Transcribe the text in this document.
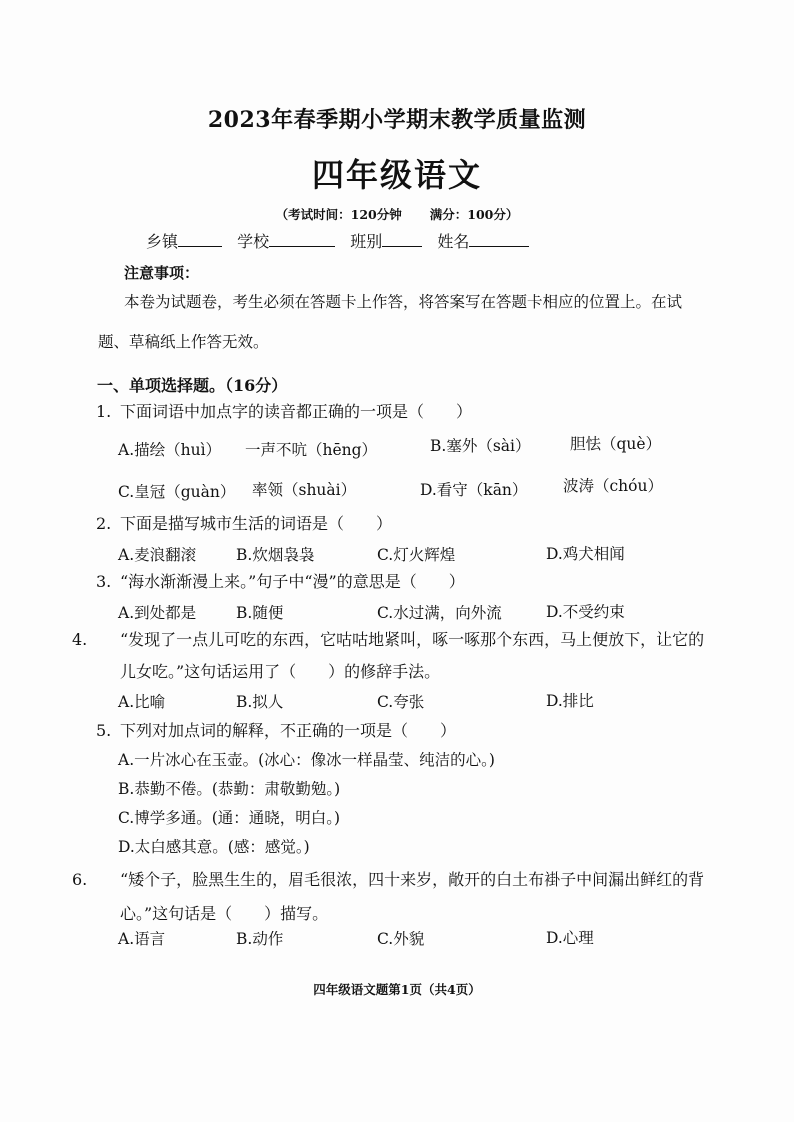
2023年春季期小学期末教学质量监测
四年级语文
（考试时间：120分钟 满分：100分）
乡镇	学校	班别	姓名
注意事项：
本卷为试题卷，考生必须在答题卡上作答，将答案写在答题卡相应的位置上。在试题、草稿纸上作答无效。
一、单项选择题。（16分）
1. 下面词语中加点字的读音都正确的一项是（　　）
A.描绘（huì） 一声不吭（hēng）	B.塞外（sài）	胆怯（què）
C.皇冠（guàn） 率领（shuài）	D.看守（kān） 波涛（chóu）
2. 下面是描写城市生活的词语是（　　）
A.麦浪翻滚	B.炊烟袅袅	C.灯火辉煌	D.鸡犬相闻
3. “海水渐渐漫上来。”句子中“漫”的意思是（　　）
A.到处都是	B.随便	C.水过满，向外流	D.不受约束
4. “发现了一点儿可吃的东西，它咕咕地紧叫，啄一啄那个东西，马上便放下，让它的儿女吃。”这句话运用了（　　）的修辞手法。
A.比喻	B.拟人	C.夸张	D.排比
5. 下列对加点词的解释，不正确的一项是（　　）
A.一片冰心在玉壶。(冰心：像冰一样晶莹、纯洁的心。)
B.恭勤不倦。(恭勤：肃敬勤勉。)
C.博学多通。(通：通晓，明白。)
D.太白感其意。(感：感觉。)
6. “矮个子，脸黑生生的，眉毛很浓，四十来岁，敞开的白土布褂子中间漏出鲜红的背心。”这句话是（　　）描写。
A.语言	B.动作	C.外貌	D.心理
四年级语文题第1页（共4页）
